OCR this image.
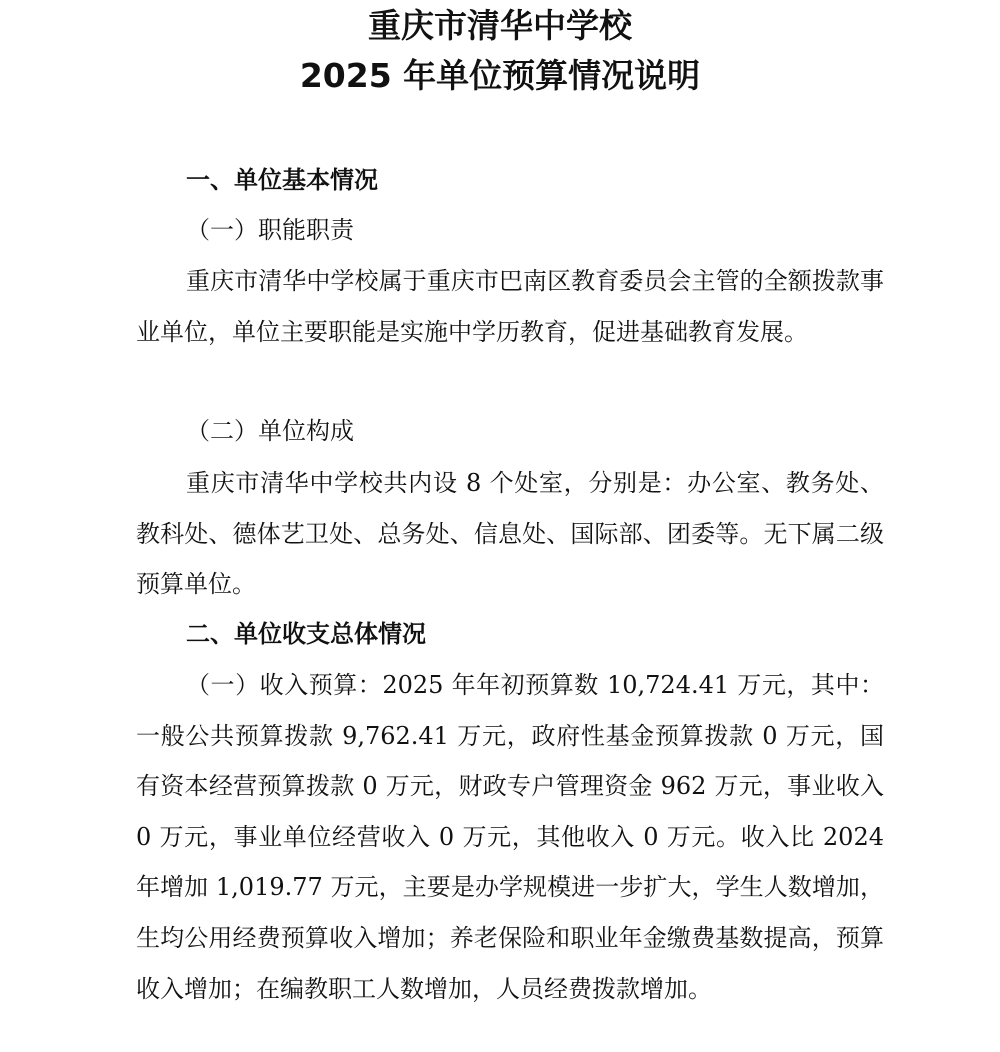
重庆市清华中学校
2025 年单位预算情况说明
一、单位基本情况
（一）职能职责
重庆市清华中学校属于重庆市巴南区教育委员会主管的全额拨款事业单位，单位主要职能是实施中学历教育，促进基础教育发展。
（二）单位构成
重庆市清华中学校共内设 8 个处室，分别是：办公室、教务处、教科处、德体艺卫处、总务处、信息处、国际部、团委等。无下属二级预算单位。
二、单位收支总体情况
（一）收入预算：2025 年年初预算数 10,724.41 万元，其中：一般公共预算拨款 9,762.41 万元，政府性基金预算拨款 0 万元，国有资本经营预算拨款 0 万元，财政专户管理资金 962 万元，事业收入 0 万元，事业单位经营收入 0 万元，其他收入 0 万元。收入比 2024 年增加 1,019.77 万元，主要是办学规模进一步扩大，学生人数增加，生均公用经费预算收入增加；养老保险和职业年金缴费基数提高，预算收入增加；在编教职工人数增加，人员经费拨款增加。
